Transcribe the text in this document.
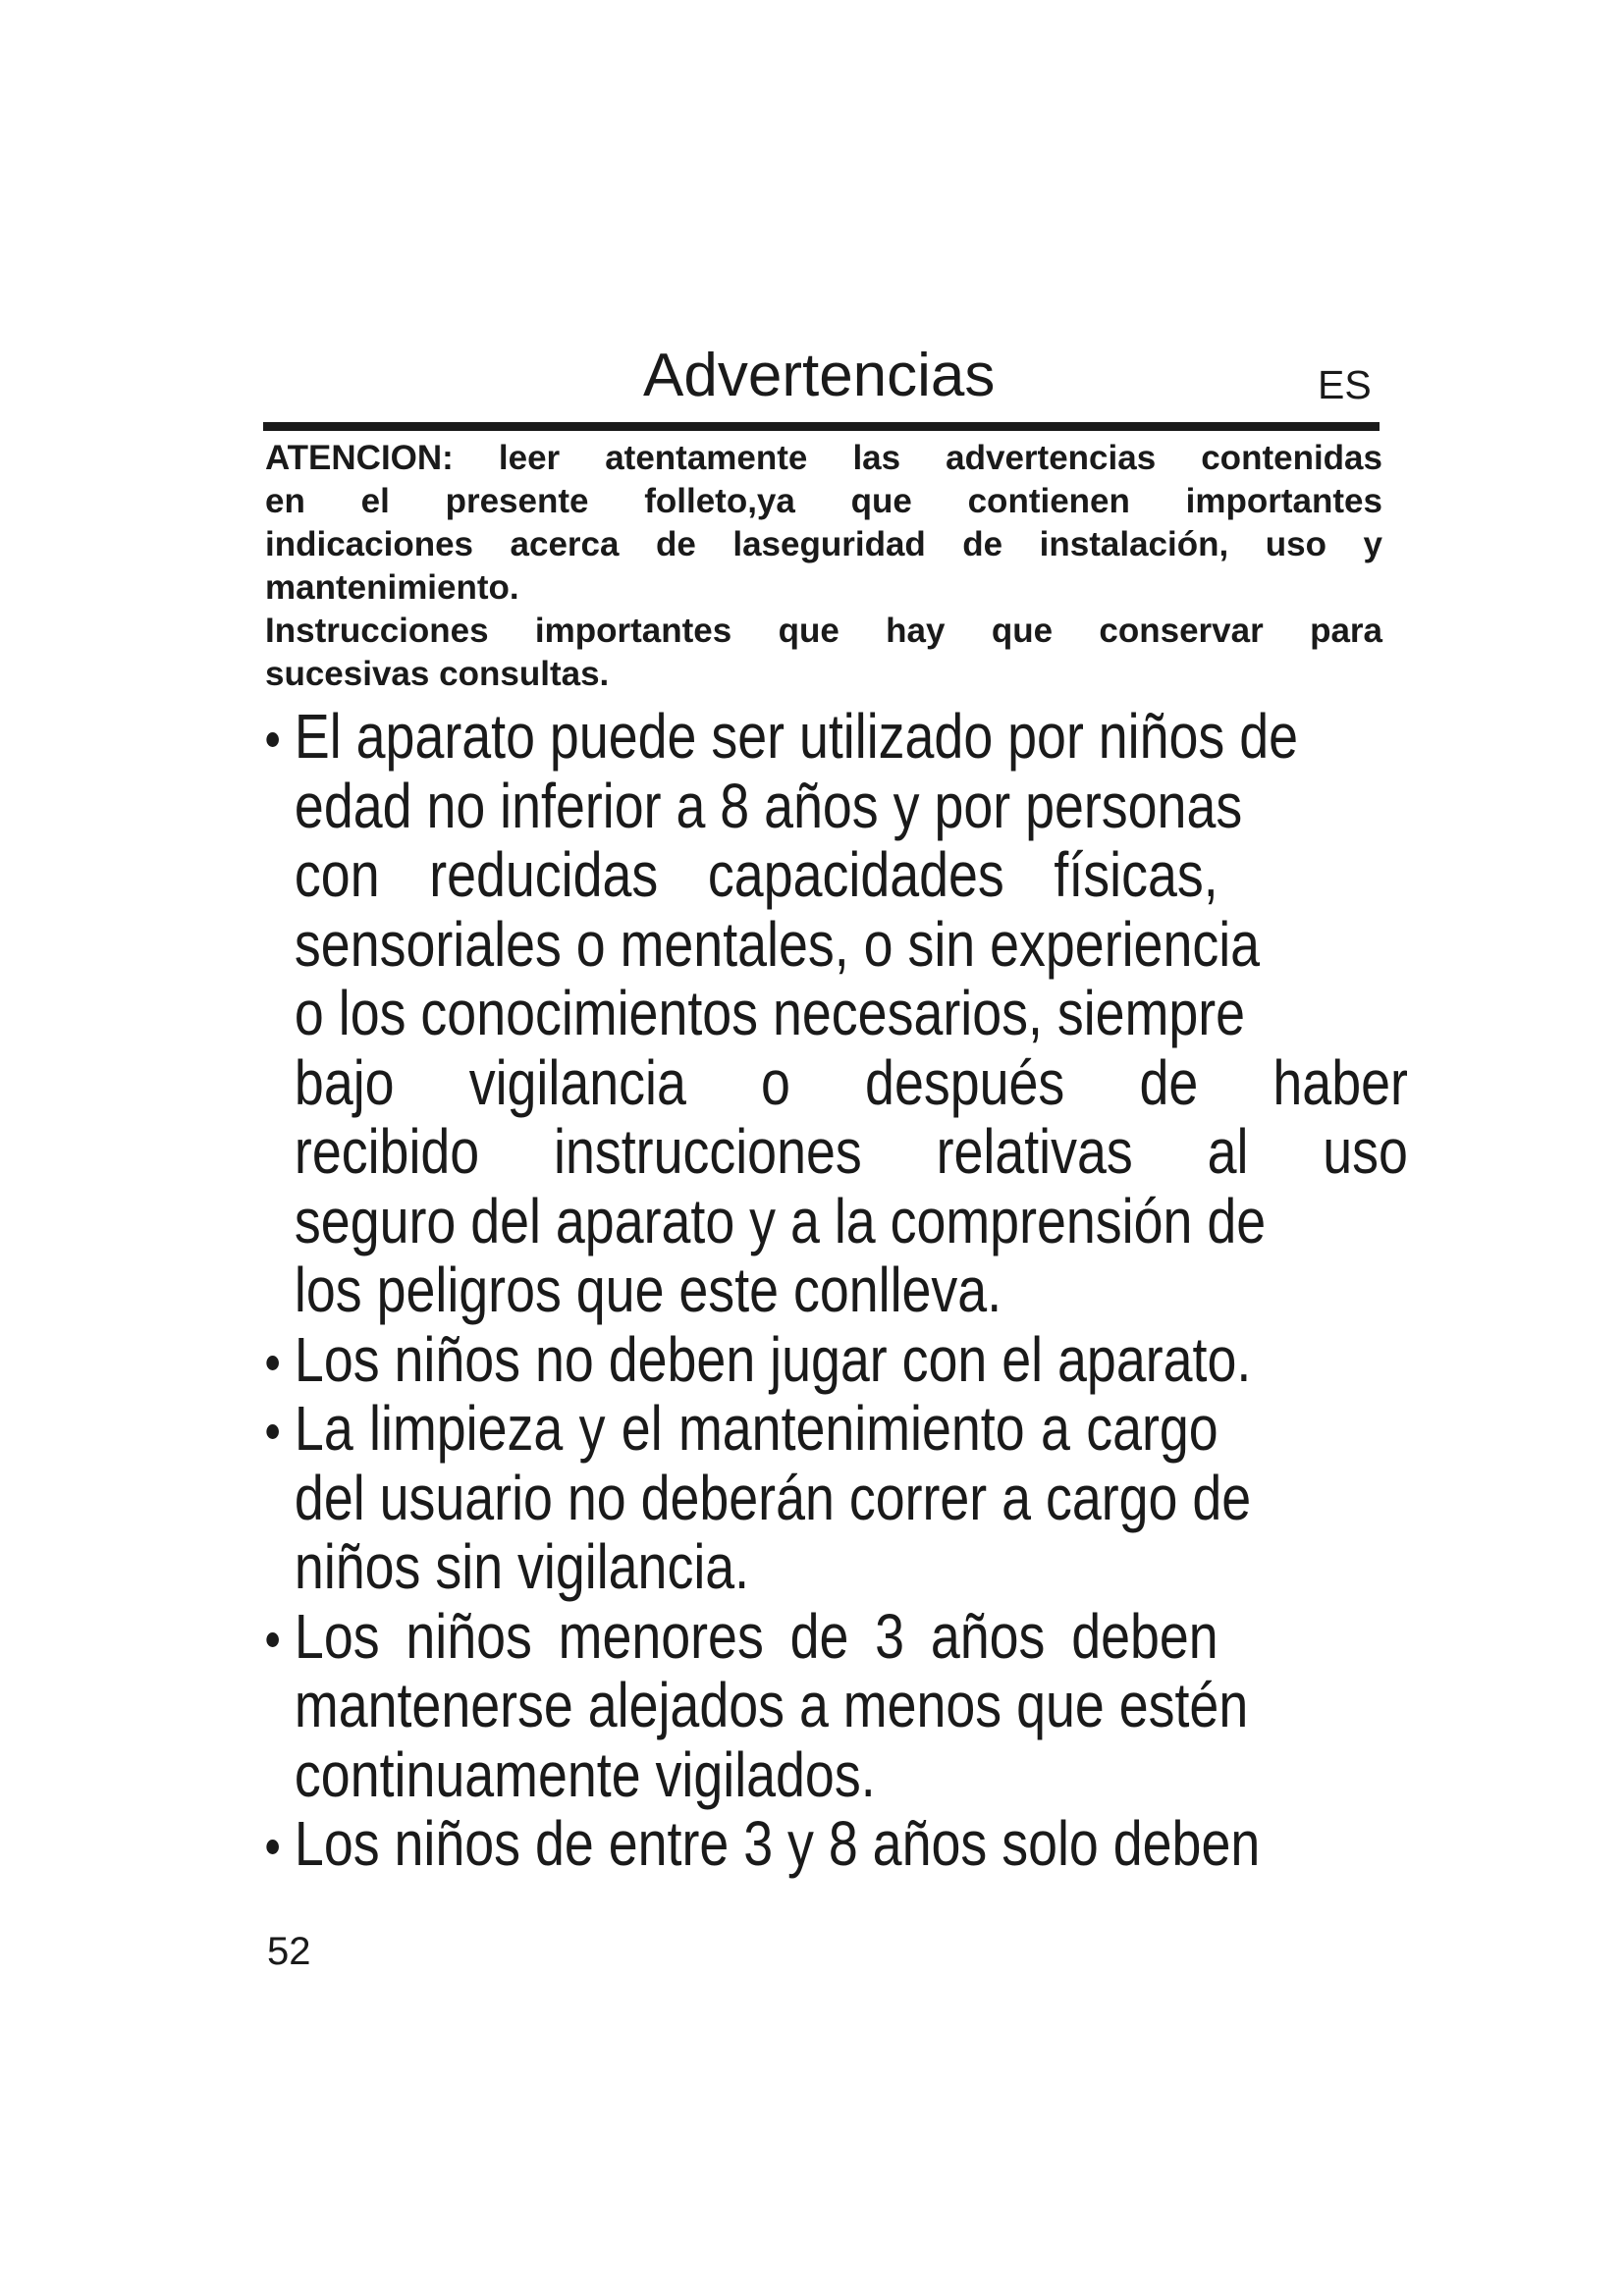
Advertencias	ES
ATENCION: leer atentamente las advertencias contenidas
en el presente folleto,ya que contienen importantes
indicaciones acerca de laseguridad de instalación, uso y
mantenimiento.
Instrucciones importantes que hay que conservar para
sucesivas consultas.
El aparato puede ser utilizado por niños de
edad no inferior a 8 años y por personas
con reducidas capacidades físicas,
sensoriales o mentales, o sin experiencia
o los conocimientos necesarios, siempre
bajo vigilancia o después de haber
recibido instrucciones relativas al uso
seguro del aparato y a la comprensión de
los peligros que este conlleva.
Los niños no deben jugar con el aparato.
La limpieza y el mantenimiento a cargo
del usuario no deberán correr a cargo de
niños sin vigilancia.
Los niños menores de 3 años deben
mantenerse alejados a menos que estén
continuamente vigilados.
Los niños de entre 3 y 8 años solo deben
52
